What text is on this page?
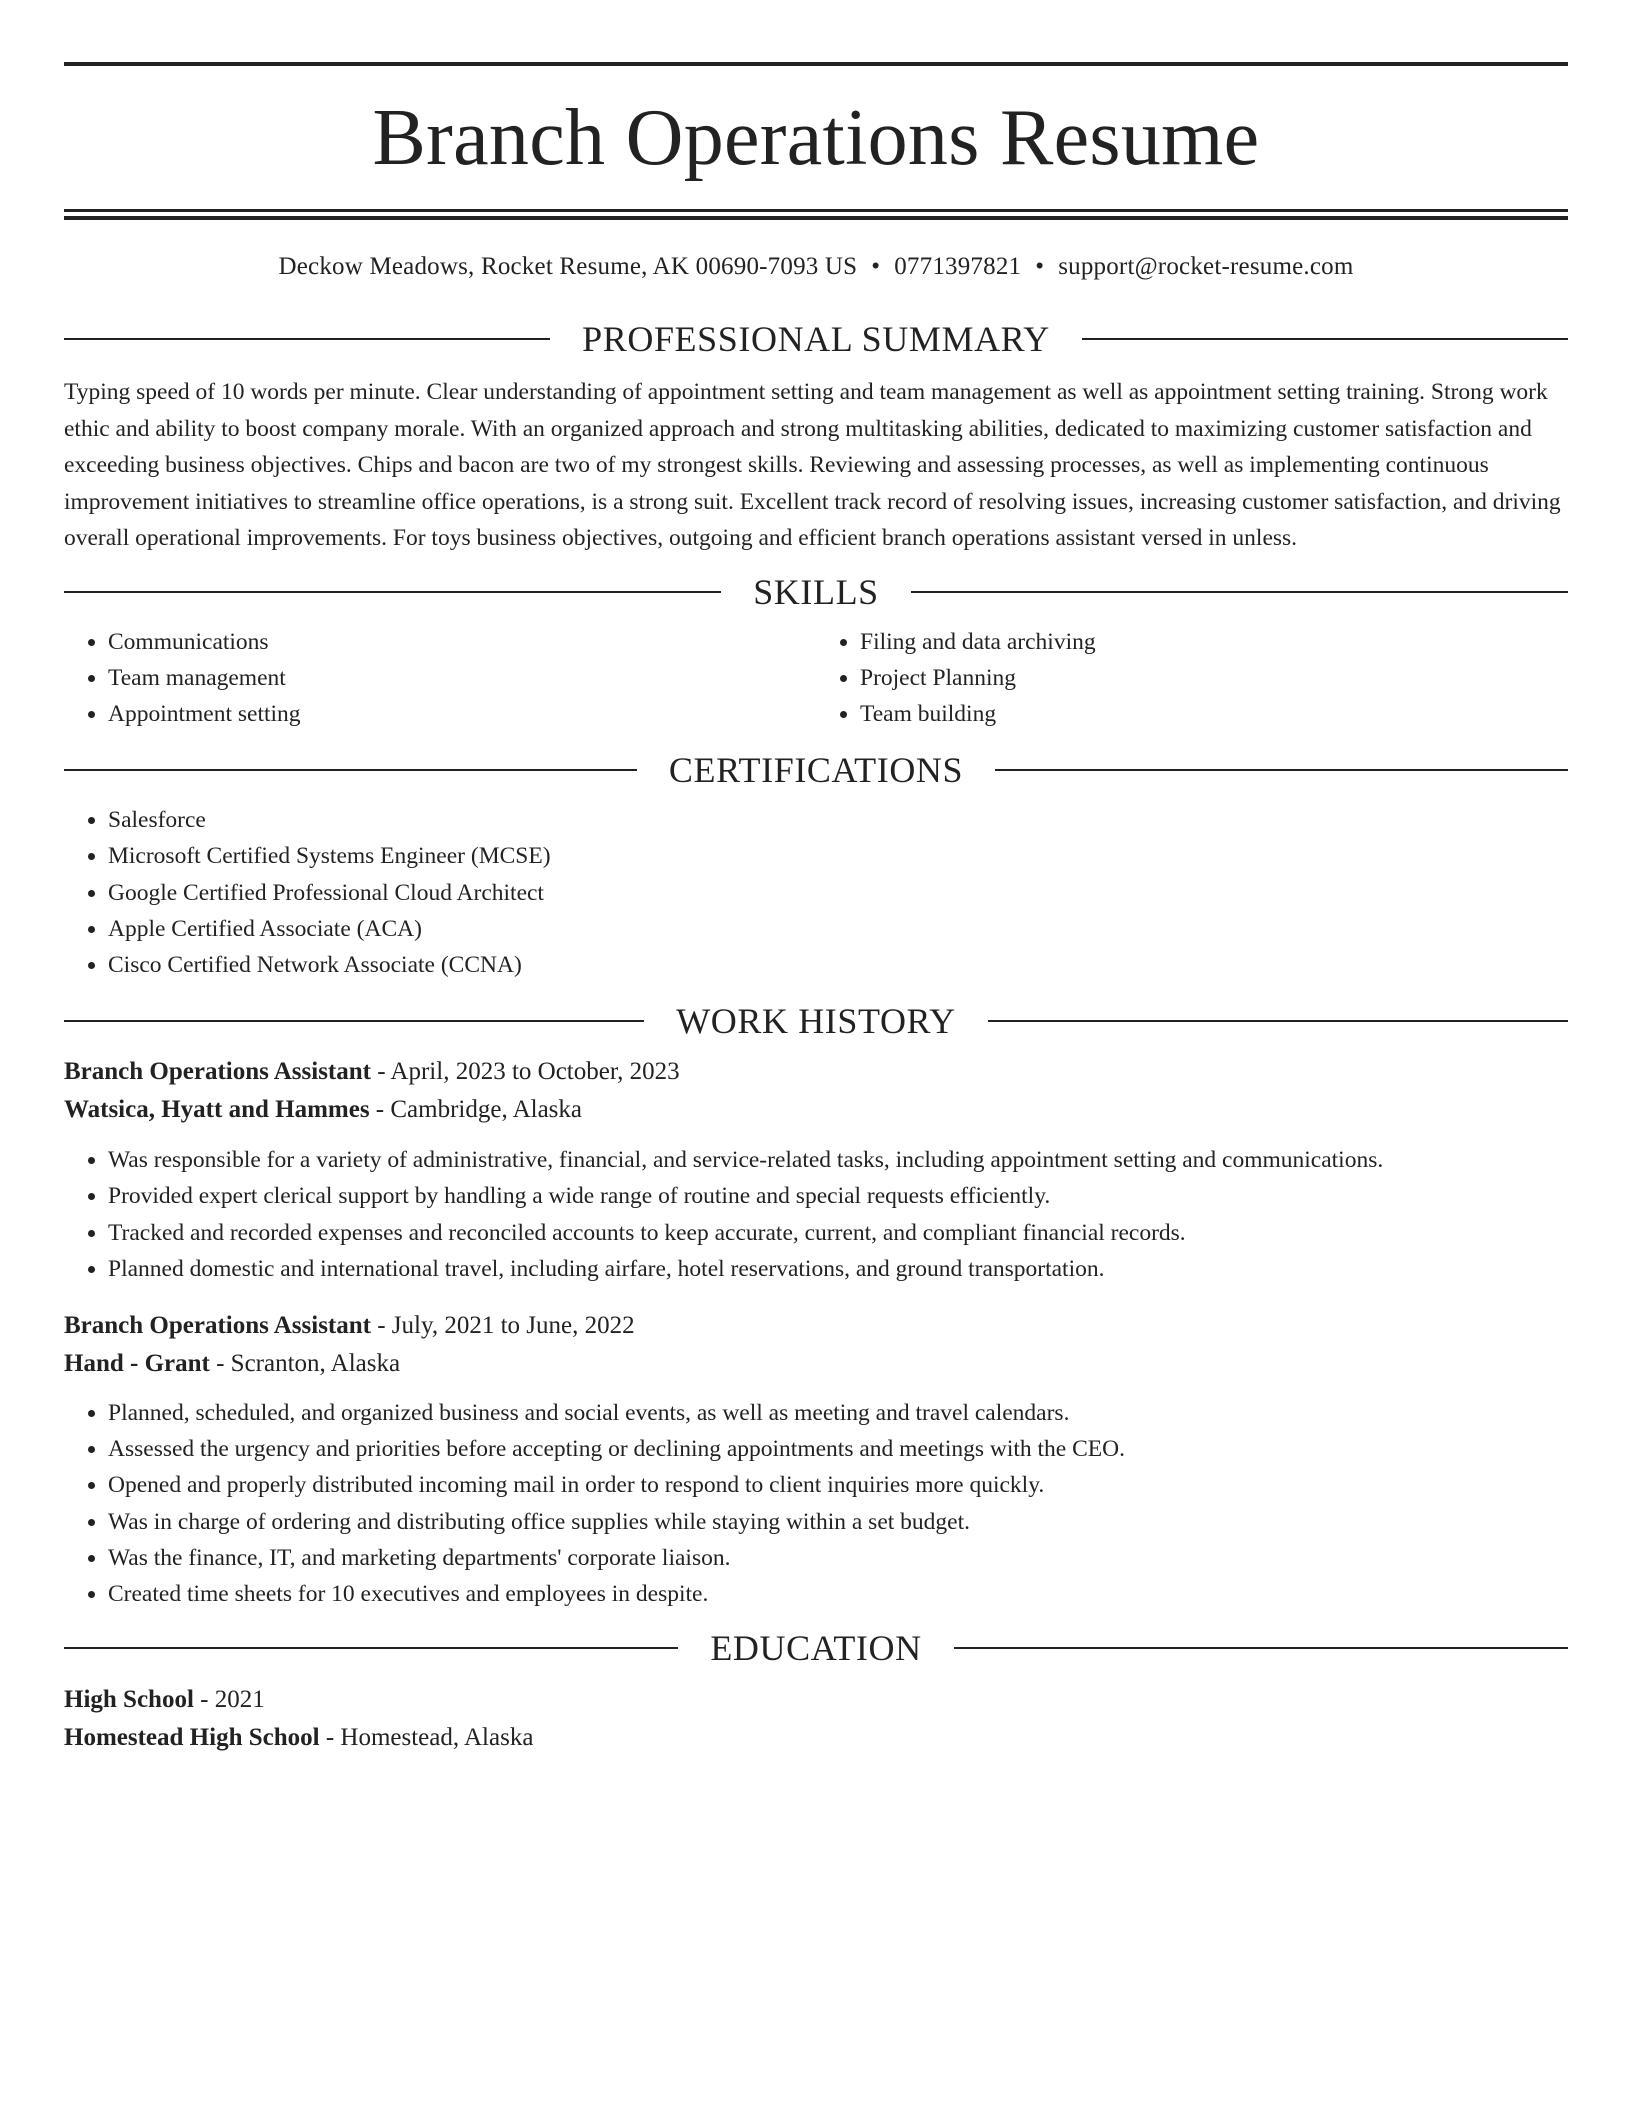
Branch Operations Resume
Deckow Meadows, Rocket Resume, AK 00690-7093 US • 0771397821 • support@rocket-resume.com
PROFESSIONAL SUMMARY

Typing speed of 10 words per minute. Clear understanding of appointment setting and team management as well as appointment setting training. Strong work ethic and ability to boost company morale. With an organized approach and strong multitasking abilities, dedicated to maximizing customer satisfaction and exceeding business objectives. Chips and bacon are two of my strongest skills. Reviewing and assessing processes, as well as implementing continuous improvement initiatives to streamline office operations, is a strong suit. Excellent track record of resolving issues, increasing customer satisfaction, and driving overall operational improvements. For toys business objectives, outgoing and efficient branch operations assistant versed in unless.

SKILLS
• Communications
• Team management
• Appointment setting
• Filing and data archiving
• Project Planning
• Team building
CERTIFICATIONS
• Salesforce
• Microsoft Certified Systems Engineer (MCSE)
• Google Certified Professional Cloud Architect
• Apple Certified Associate (ACA)
• Cisco Certified Network Associate (CCNA)
WORK HISTORY
Branch Operations Assistant - April, 2023 to October, 2023
Watsica, Hyatt and Hammes - Cambridge, Alaska
• Was responsible for a variety of administrative, financial, and service-related tasks, including appointment setting and communications.
• Provided expert clerical support by handling a wide range of routine and special requests efficiently.
• Tracked and recorded expenses and reconciled accounts to keep accurate, current, and compliant financial records.
• Planned domestic and international travel, including airfare, hotel reservations, and ground transportation.
Branch Operations Assistant - July, 2021 to June, 2022
Hand - Grant - Scranton, Alaska
• Planned, scheduled, and organized business and social events, as well as meeting and travel calendars.
• Assessed the urgency and priorities before accepting or declining appointments and meetings with the CEO.
• Opened and properly distributed incoming mail in order to respond to client inquiries more quickly.
• Was in charge of ordering and distributing office supplies while staying within a set budget.
• Was the finance, IT, and marketing departments' corporate liaison.
• Created time sheets for 10 executives and employees in despite.
EDUCATION
High School - 2021
Homestead High School - Homestead, Alaska
